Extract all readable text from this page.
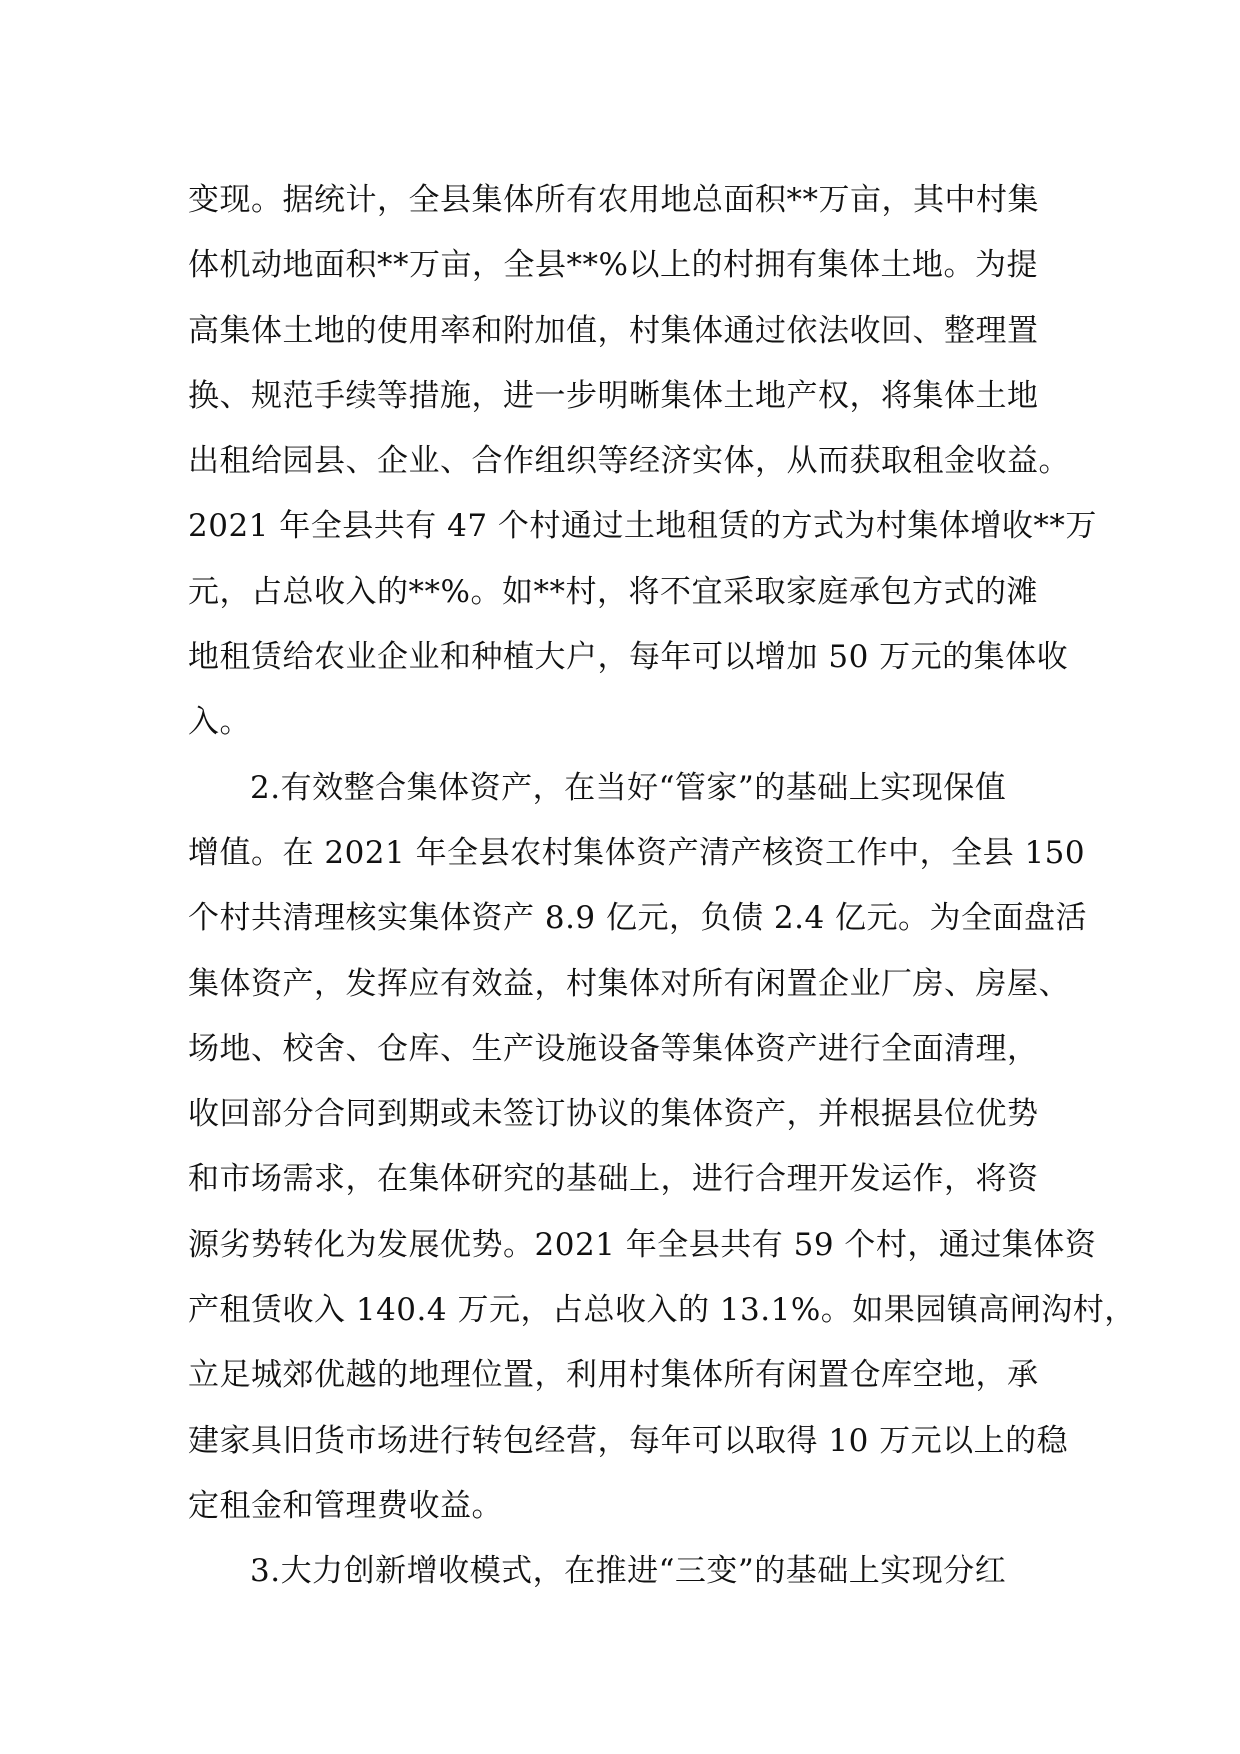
变现。据统计，全县集体所有农用地总面积**万亩，其中村集
体机动地面积**万亩，全县**%以上的村拥有集体土地。为提
高集体土地的使用率和附加值，村集体通过依法收回、整理置
换、规范手续等措施，进一步明晰集体土地产权，将集体土地
出租给园县、企业、合作组织等经济实体，从而获取租金收益。
2021 年全县共有 47 个村通过土地租赁的方式为村集体增收**万
元，占总收入的**%。如**村，将不宜采取家庭承包方式的滩
地租赁给农业企业和种植大户，每年可以增加 50 万元的集体收
入。
2.有效整合集体资产，在当好“管家”的基础上实现保值
增值。在 2021 年全县农村集体资产清产核资工作中，全县 150
个村共清理核实集体资产 8.9 亿元，负债 2.4 亿元。为全面盘活
集体资产，发挥应有效益，村集体对所有闲置企业厂房、房屋、
场地、校舍、仓库、生产设施设备等集体资产进行全面清理，
收回部分合同到期或未签订协议的集体资产，并根据县位优势
和市场需求，在集体研究的基础上，进行合理开发运作，将资
源劣势转化为发展优势。2021 年全县共有 59 个村，通过集体资
产租赁收入 140.4 万元，占总收入的 13.1%。如果园镇高闸沟村，
立足城郊优越的地理位置，利用村集体所有闲置仓库空地，承
建家具旧货市场进行转包经营，每年可以取得 10 万元以上的稳
定租金和管理费收益。
3.大力创新增收模式，在推进“三变”的基础上实现分红
